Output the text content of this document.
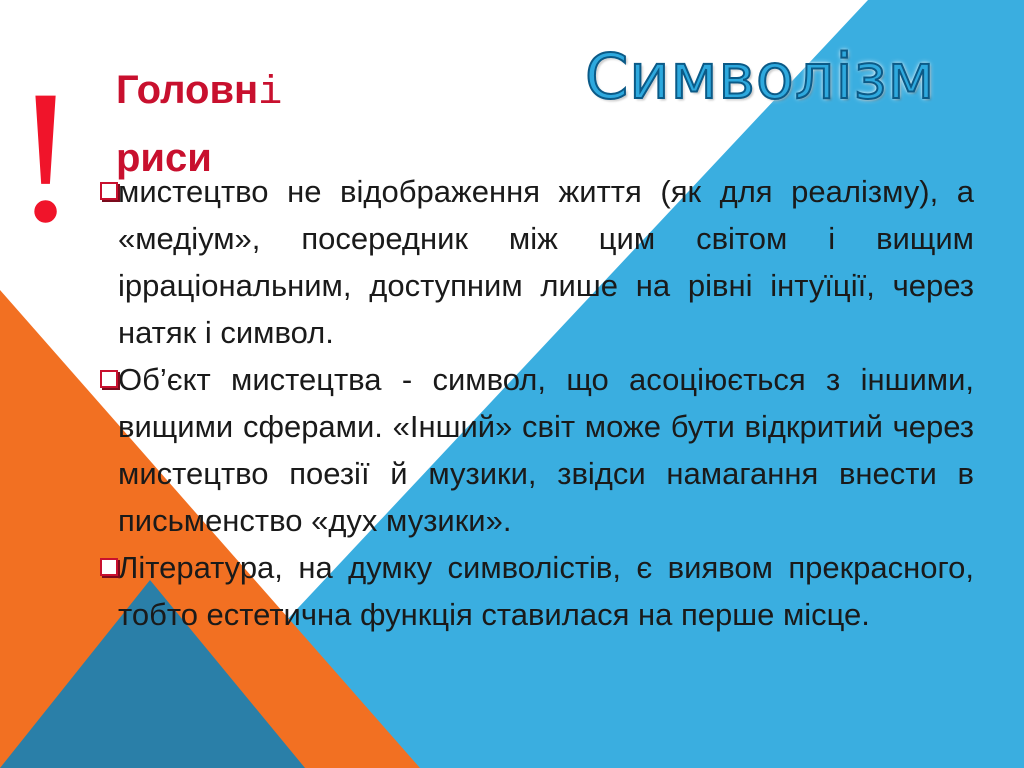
! Головні
риси
Символізм

мистецтво не відображення життя (як для реалізму), а «медіум», посередник між цим світом і вищим ірраціональним, доступним лише на рівні інтуїції, через натяк і символ.

Об’єкт мистецтва - символ, що асоціюється з іншими, вищими сферами. «Інший» світ може бути відкритий через мистецтво поезії й музики, звідси намагання внести в письменство «дух музики».

Література, на думку символістів, є виявом прекрасного, тобто естетична функція ставилася на перше місце.
